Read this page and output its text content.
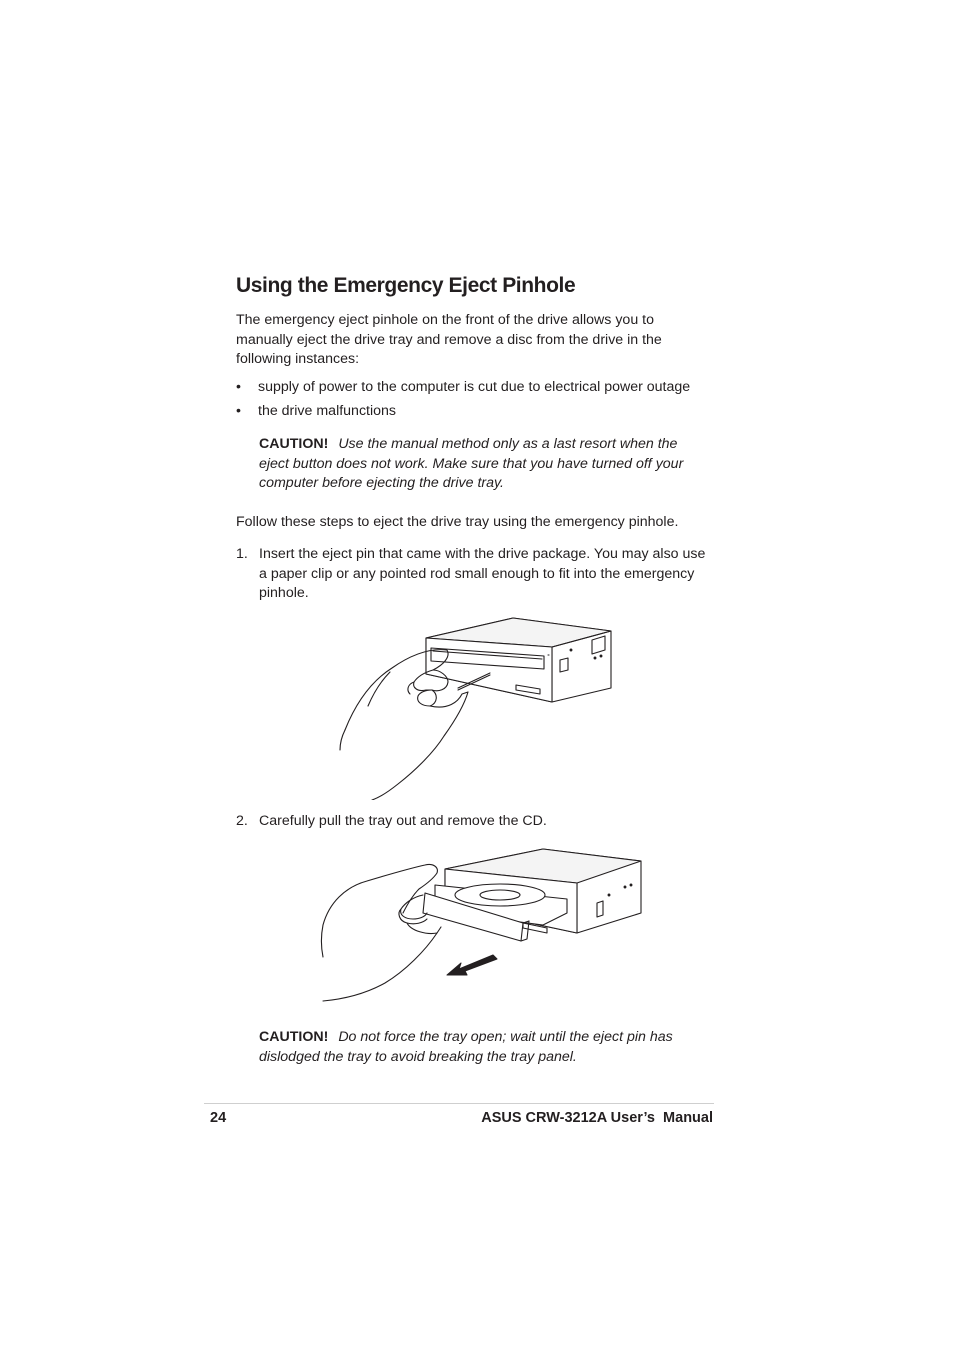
Using the Emergency Eject Pinhole

The emergency eject pinhole on the front of the drive allows you to manually eject the drive tray and remove a disc from the drive in the following instances:

• supply of power to the computer is cut due to electrical power outage
• the drive malfunctions

CAUTION! Use the manual method only as a last resort when the eject button does not work. Make sure that you have turned off your computer before ejecting the drive tray.

Follow these steps to eject the drive tray using the emergency pinhole.

1. Insert the eject pin that came with the drive package. You may also use a paper clip or any pointed rod small enough to fit into the emergency pinhole.
2. Carefully pull the tray out and remove the CD.

CAUTION! Do not force the tray open; wait until the eject pin has dislodged the tray to avoid breaking the tray panel.

24	ASUS CRW-3212A User’s  Manual
